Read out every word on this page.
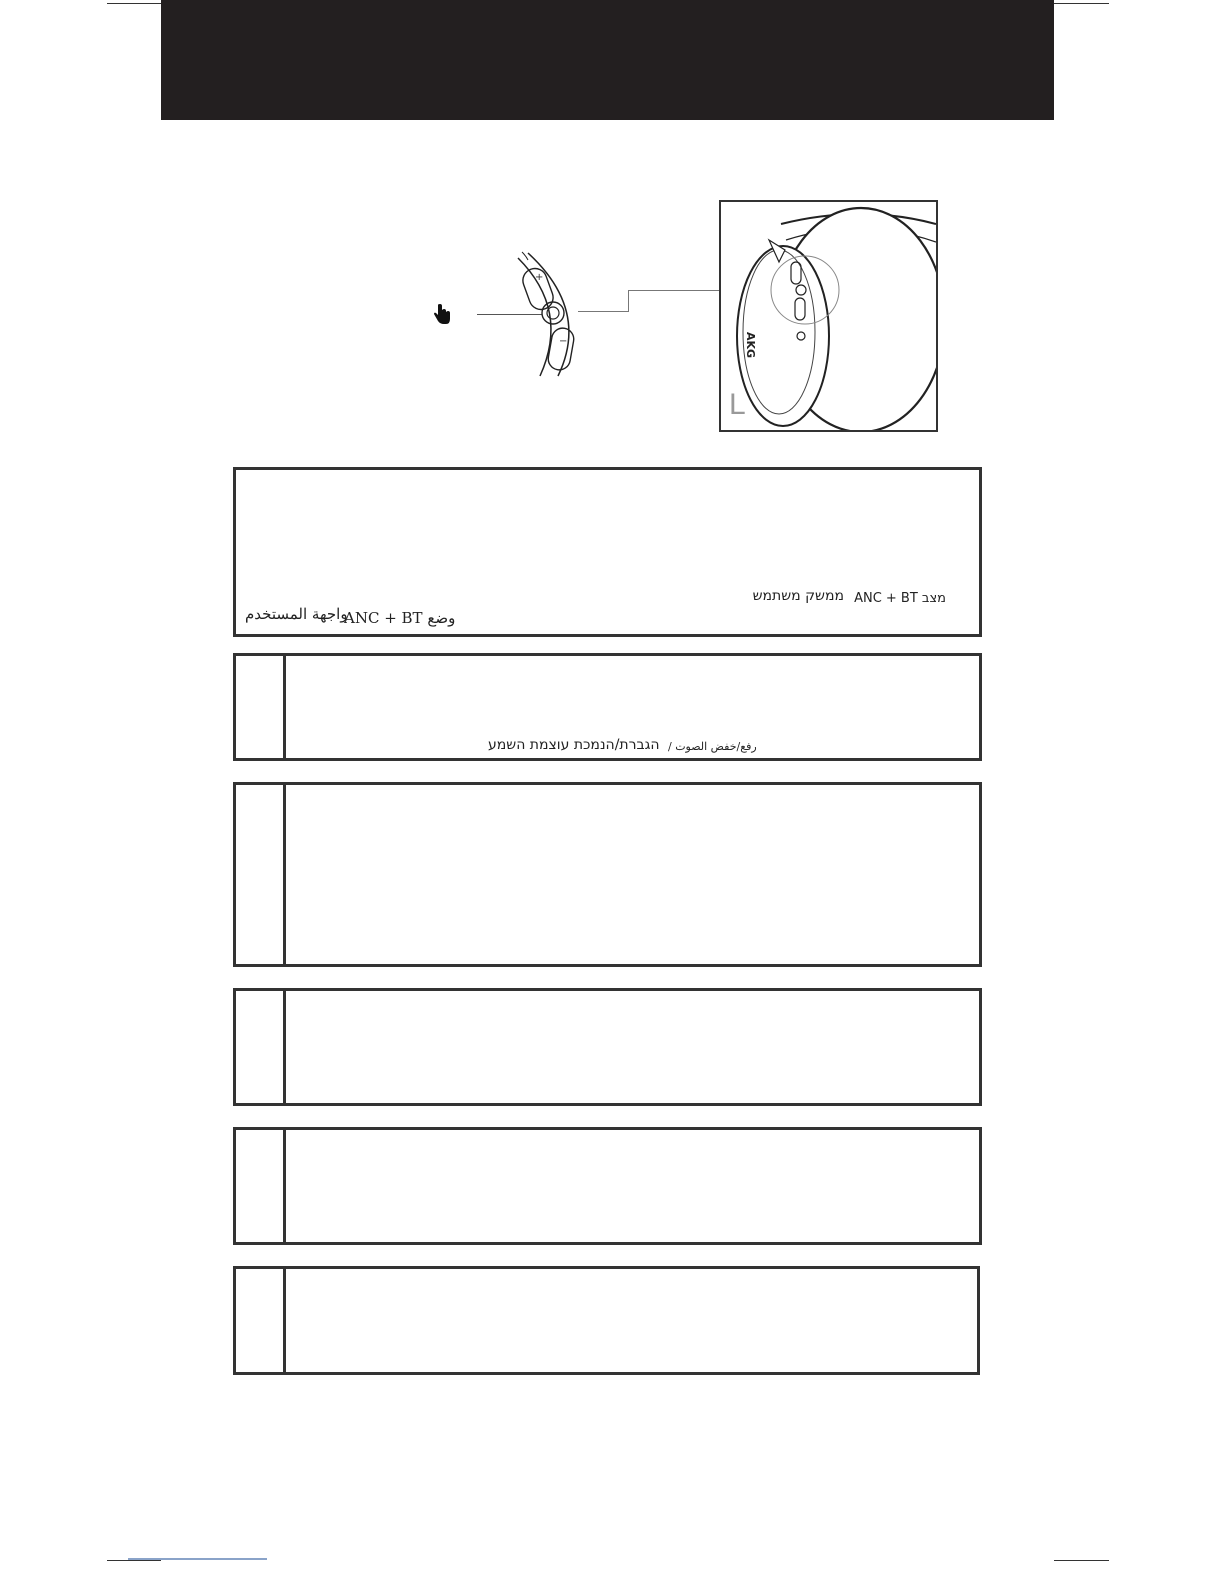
+
−	AKG
L
מצב ANC + BT
ממשק משתמש
وضع ANC + BT
واجهة المستخدم
הגברת/הנמכת עוצמת השמע رفع/خفض الصوت /
